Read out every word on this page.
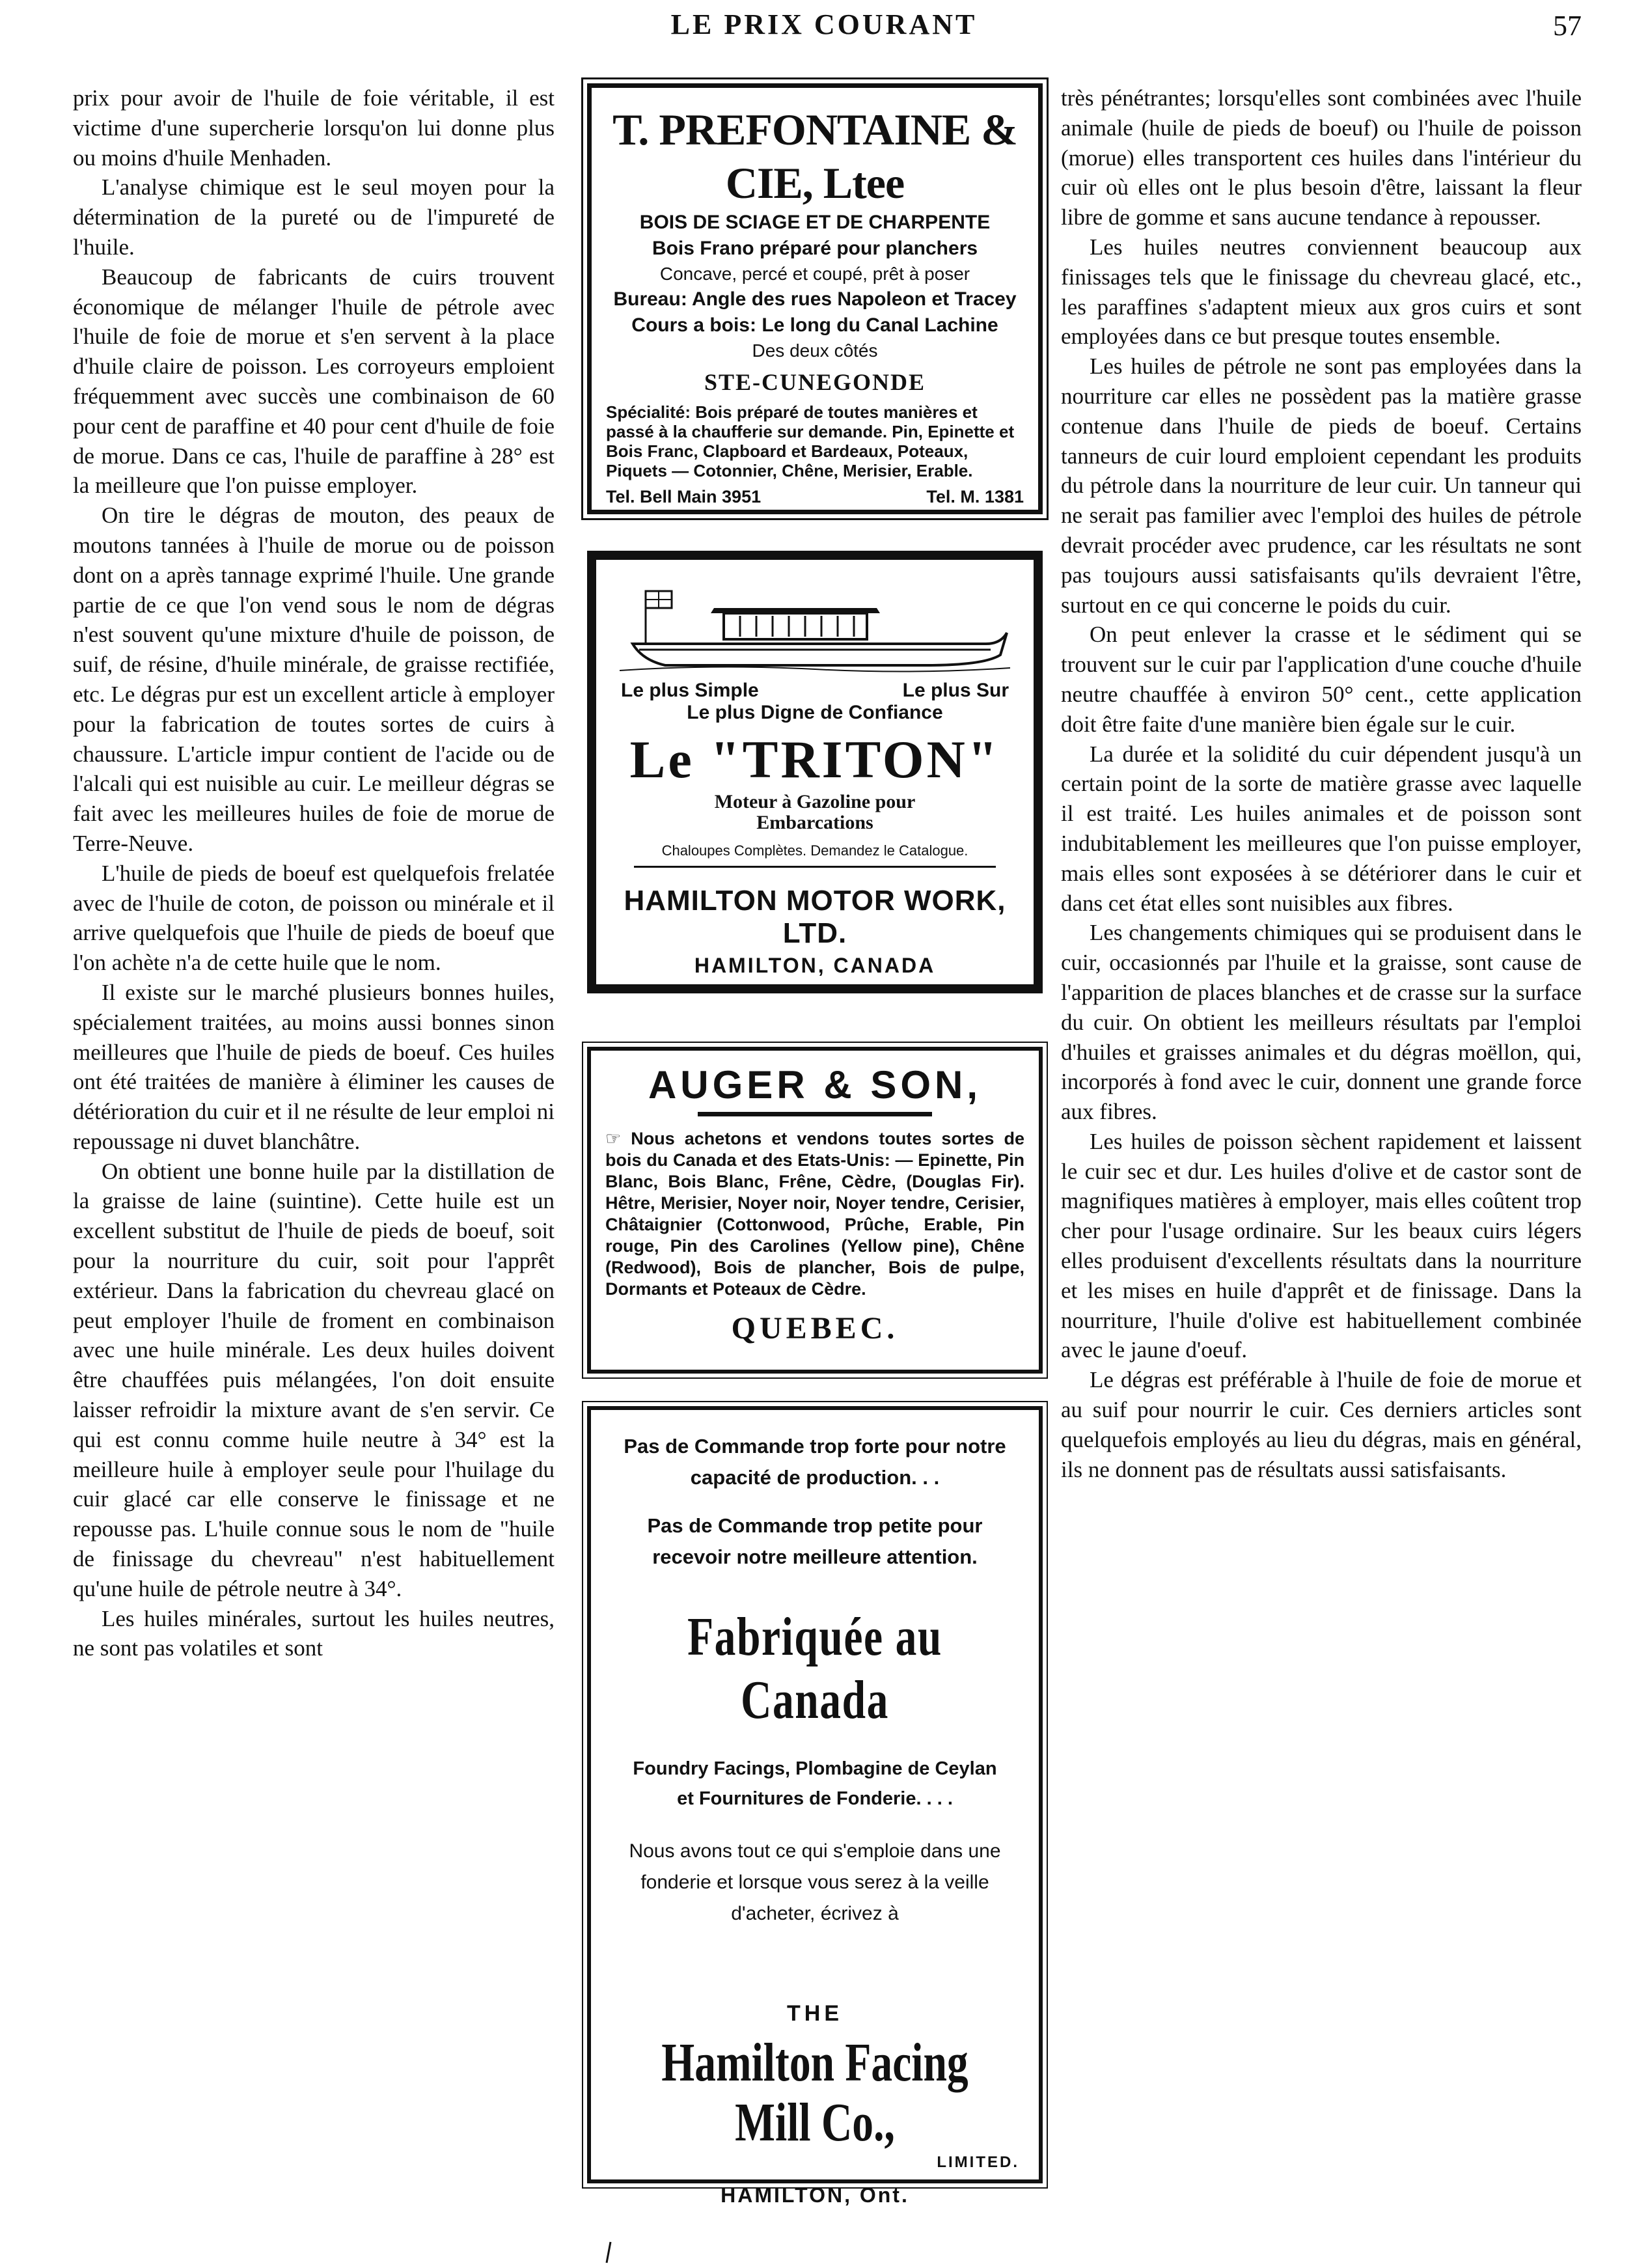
LE PRIX COURANT	57

prix pour avoir de l'huile de foie véritable, il est victime d'une supercherie lorsqu'on lui donne plus ou moins d'huile Menhaden.

L'analyse chimique est le seul moyen pour la détermination de la pureté ou de l'impureté de l'huile.

Beaucoup de fabricants de cuirs trouvent économique de mélanger l'huile de pétrole avec l'huile de foie de morue et s'en servent à la place d'huile claire de poisson. Les corroyeurs emploient fréquemment avec succès une combinaison de 60 pour cent de paraffine et 40 pour cent d'huile de foie de morue. Dans ce cas, l'huile de paraffine à 28° est la meilleure que l'on puisse employer.

On tire le dégras de mouton, des peaux de moutons tannées à l'huile de morue ou de poisson dont on a après tannage exprimé l'huile. Une grande partie de ce que l'on vend sous le nom de dégras n'est souvent qu'une mixture d'huile de poisson, de suif, de résine, d'huile minérale, de graisse rectifiée, etc. Le dégras pur est un excellent article à employer pour la fabrication de toutes sortes de cuirs à chaussure. L'article impur contient de l'acide ou de l'alcali qui est nuisible au cuir. Le meilleur dégras se fait avec les meilleures huiles de foie de morue de Terre-Neuve.

L'huile de pieds de boeuf est quelquefois frelatée avec de l'huile de coton, de poisson ou minérale et il arrive quelquefois que l'huile de pieds de boeuf que l'on achète n'a de cette huile que le nom.

Il existe sur le marché plusieurs bonnes huiles, spécialement traitées, au moins aussi bonnes sinon meilleures que l'huile de pieds de boeuf. Ces huiles ont été traitées de manière à éliminer les causes de détérioration du cuir et il ne résulte de leur emploi ni repoussage ni duvet blanchâtre.

On obtient une bonne huile par la distillation de la graisse de laine (suintine). Cette huile est un excellent substitut de l'huile de pieds de boeuf, soit pour la nourriture du cuir, soit pour l'apprêt extérieur. Dans la fabrication du chevreau glacé on peut employer l'huile de froment en combinaison avec une huile minérale. Les deux huiles doivent être chauffées puis mélangées, l'on doit ensuite laisser refroidir la mixture avant de s'en servir. Ce qui est connu comme huile neutre à 34° est la meilleure huile à employer seule pour l'huilage du cuir glacé car elle conserve le finissage et ne repousse pas. L'huile connue sous le nom de "huile de finissage du chevreau" n'est habituellement qu'une huile de pétrole neutre à 34°.

Les huiles minérales, surtout les huiles neutres, ne sont pas volatiles et sont

très pénétrantes; lorsqu'elles sont combinées avec l'huile animale (huile de pieds de boeuf) ou l'huile de poisson (morue) elles transportent ces huiles dans l'intérieur du cuir où elles ont le plus besoin d'être, laissant la fleur libre de gomme et sans aucune tendance à repousser.

Les huiles neutres conviennent beaucoup aux finissages tels que le finissage du chevreau glacé, etc., les paraffines s'adaptent mieux aux gros cuirs et sont employées dans ce but presque toutes ensemble.

Les huiles de pétrole ne sont pas employées dans la nourriture car elles ne possèdent pas la matière grasse contenue dans l'huile de pieds de boeuf. Certains tanneurs de cuir lourd emploient cependant les produits du pétrole dans la nourriture de leur cuir. Un tanneur qui ne serait pas familier avec l'emploi des huiles de pétrole devrait procéder avec prudence, car les résultats ne sont pas toujours aussi satisfaisants qu'ils devraient l'être, surtout en ce qui concerne le poids du cuir.

On peut enlever la crasse et le sédiment qui se trouvent sur le cuir par l'application d'une couche d'huile neutre chauffée à environ 50° cent., cette application doit être faite d'une manière bien égale sur le cuir.

La durée et la solidité du cuir dépendent jusqu'à un certain point de la sorte de matière grasse avec laquelle il est traité. Les huiles animales et de poisson sont indubitablement les meilleures que l'on puisse employer, mais elles sont exposées à se détériorer dans le cuir et dans cet état elles sont nuisibles aux fibres.

Les changements chimiques qui se produisent dans le cuir, occasionnés par l'huile et la graisse, sont cause de l'apparition de places blanches et de crasse sur la surface du cuir. On obtient les meilleurs résultats par l'emploi d'huiles et graisses animales et du dégras moëllon, qui, incorporés à fond avec le cuir, donnent une grande force aux fibres.

Les huiles de poisson sèchent rapidement et laissent le cuir sec et dur. Les huiles d'olive et de castor sont de magnifiques matières à employer, mais elles coûtent trop cher pour l'usage ordinaire. Sur les beaux cuirs légers elles produisent d'excellents résultats dans la nourriture et les mises en huile d'apprêt et de finissage. Dans la nourriture, l'huile d'olive est habituellement combinée avec le jaune d'oeuf.

Le dégras est préférable à l'huile de foie de morue et au suif pour nourrir le cuir. Ces derniers articles sont quelquefois employés au lieu du dégras, mais en général, ils ne donnent pas de résultats aussi satisfaisants.

T. PREFONTAINE & CIE, Ltee
BOIS DE SCIAGE ET DE CHARPENTE
Bois Frano préparé pour planchers
Concave, percé et coupé, prêt à poser
Bureau: Angle des rues Napoleon et Tracey
Cours a bois: Le long du Canal Lachine
Des deux côtés
STE-CUNEGONDE
Spécialité: Bois préparé de toutes manières et passé à la chaufferie sur demande. Pin, Epinette et Bois Franc, Clapboard et Bardeaux, Poteaux, Piquets — Cotonnier, Chêne, Merisier, Erable.
Tel. Bell Main 3951	Tel. M. 1381
Le plus Simple	Le plus Sur
Le plus Digne de Confiance
Le "TRITON"
Moteur à Gazoline pour
Embarcations
Chaloupes Complètes. Demandez le Catalogue.
HAMILTON MOTOR WORK, LTD.
HAMILTON, CANADA
AUGER & SON,
☞ Nous achetons et vendons toutes sortes de bois du Canada et des Etats-Unis: — Epinette, Pin Blanc, Bois Blanc, Frêne, Cèdre, (Douglas Fir). Hêtre, Merisier, Noyer noir, Noyer tendre, Cerisier, Châtaignier (Cottonwood, Prûche, Erable, Pin rouge, Pin des Carolines (Yellow pine), Chêne (Redwood), Bois de plancher, Bois de pulpe, Dormants et Poteaux de Cèdre.
QUEBEC.
Pas de Commande trop forte pour notre capacité de production. . .
Pas de Commande trop petite pour recevoir notre meilleure attention.
Fabriquée au Canada
Foundry Facings, Plombagine de Ceylan
et Fournitures de Fonderie. . . .
Nous avons tout ce qui s'emploie dans une fonderie et lorsque vous serez à la veille d'acheter, écrivez à
THE
Hamilton Facing Mill Co.,
LIMITED.
HAMILTON, Ont.
